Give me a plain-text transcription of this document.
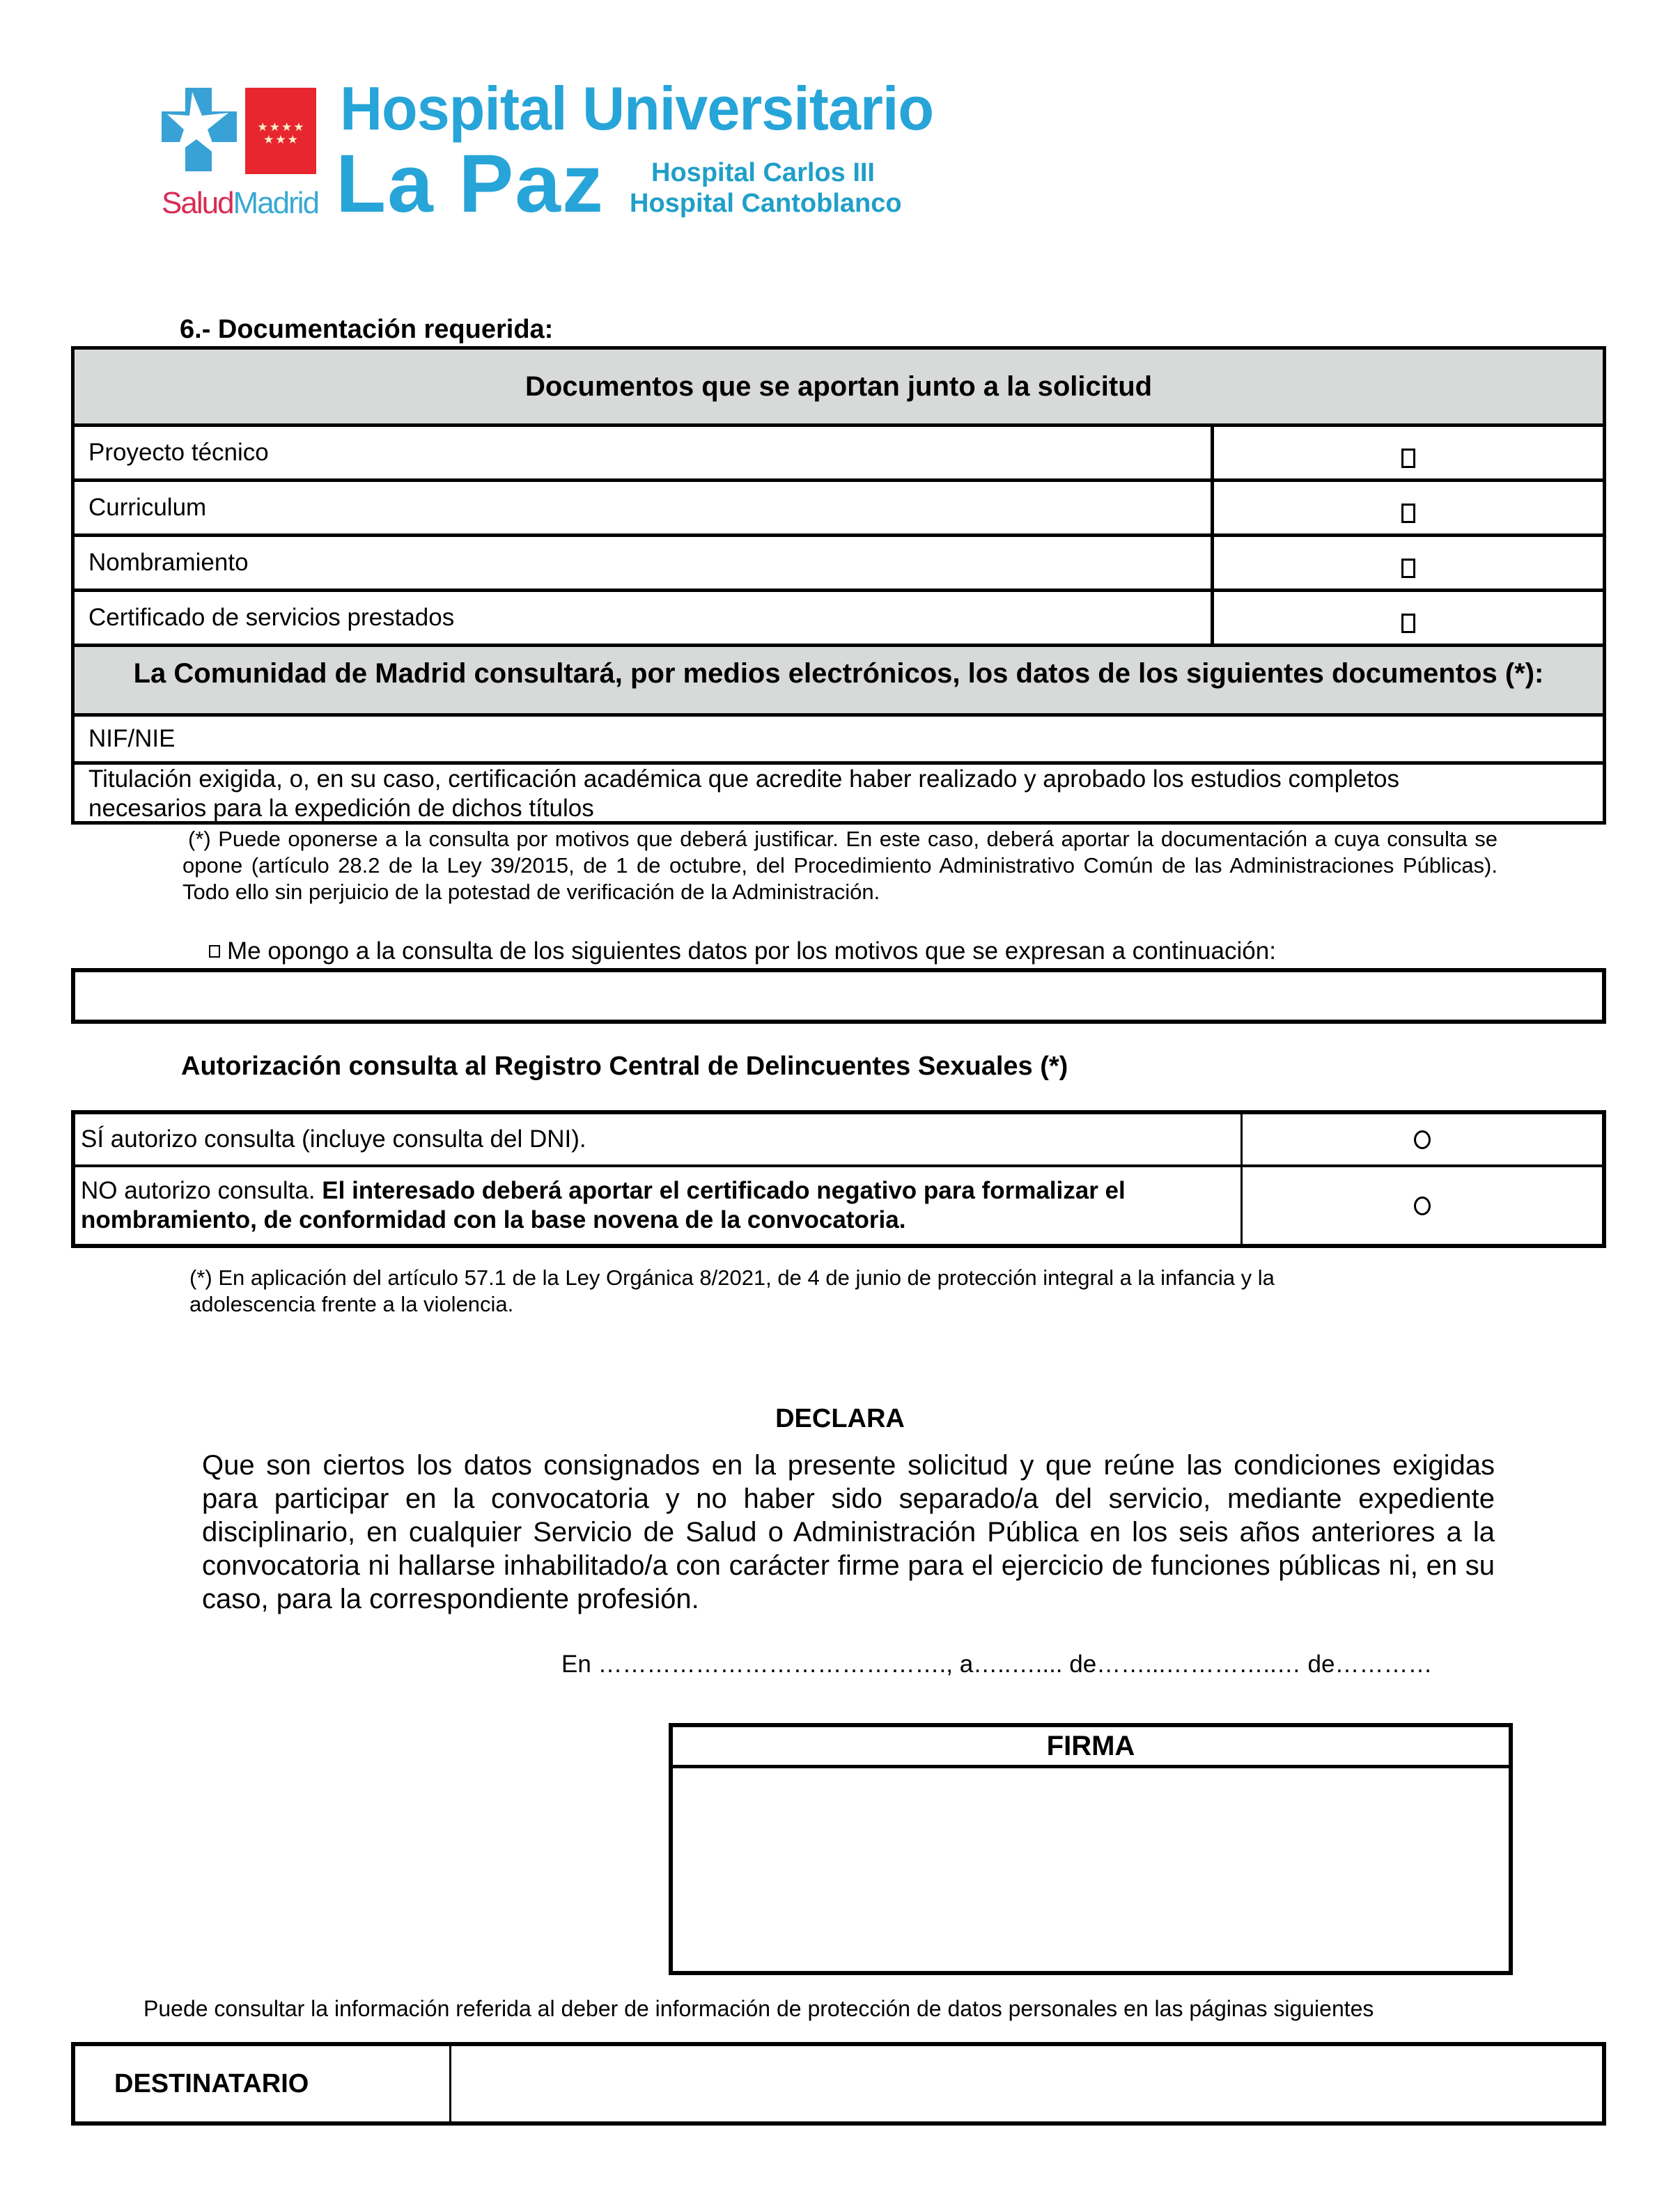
★★★★ ★★★
SaludMadrid
Hospital Universitario
La Paz	Hospital Carlos III
Hospital Cantoblanco
6.- Documentación requerida:
Documentos que se aportan junto a la solicitud
Proyecto técnico
Curriculum
Nombramiento
Certificado de servicios prestados
La Comunidad de Madrid consultará, por medios electrónicos, los datos de los siguientes documentos (*):
NIF/NIE
Titulación exigida, o, en su caso, certificación académica que acredite haber realizado y aprobado los estudios completos necesarios para la expedición de dichos títulos
(*) Puede oponerse a la consulta por motivos que deberá justificar. En este caso, deberá aportar la documentación a cuya consulta se opone (artículo 28.2 de la Ley 39/2015, de 1 de octubre, del Procedimiento Administrativo Común de las Administraciones Públicas). Todo ello sin perjuicio de la potestad de verificación de la Administración.
Me opongo a la consulta de los siguientes datos por los motivos que se expresan a continuación:
Autorización consulta al Registro Central de Delincuentes Sexuales (*)
SÍ autorizo consulta (incluye consulta del DNI).
NO autorizo consulta. El interesado deberá aportar el certificado negativo para formalizar el nombramiento, de conformidad con la base novena de la convocatoria.
(*) En aplicación del artículo 57.1 de la Ley Orgánica 8/2021, de 4 de junio de protección integral a la infancia y la adolescencia frente a la violencia.
DECLARA
Que son ciertos los datos consignados en la presente solicitud y que reúne las condiciones exigidas para participar en la convocatoria y no haber sido separado/a del servicio, mediante expediente disciplinario, en cualquier Servicio de Salud o Administración Pública en los seis años anteriores a la convocatoria ni hallarse inhabilitado/a con carácter firme para el ejercicio de funciones públicas ni, en su caso, para la correspondiente profesión.
En ……………………………………., a…..….... de……...…………..… de…………
FIRMA
Puede consultar la información referida al deber de información de protección de datos personales en las páginas siguientes
DESTINATARIO
